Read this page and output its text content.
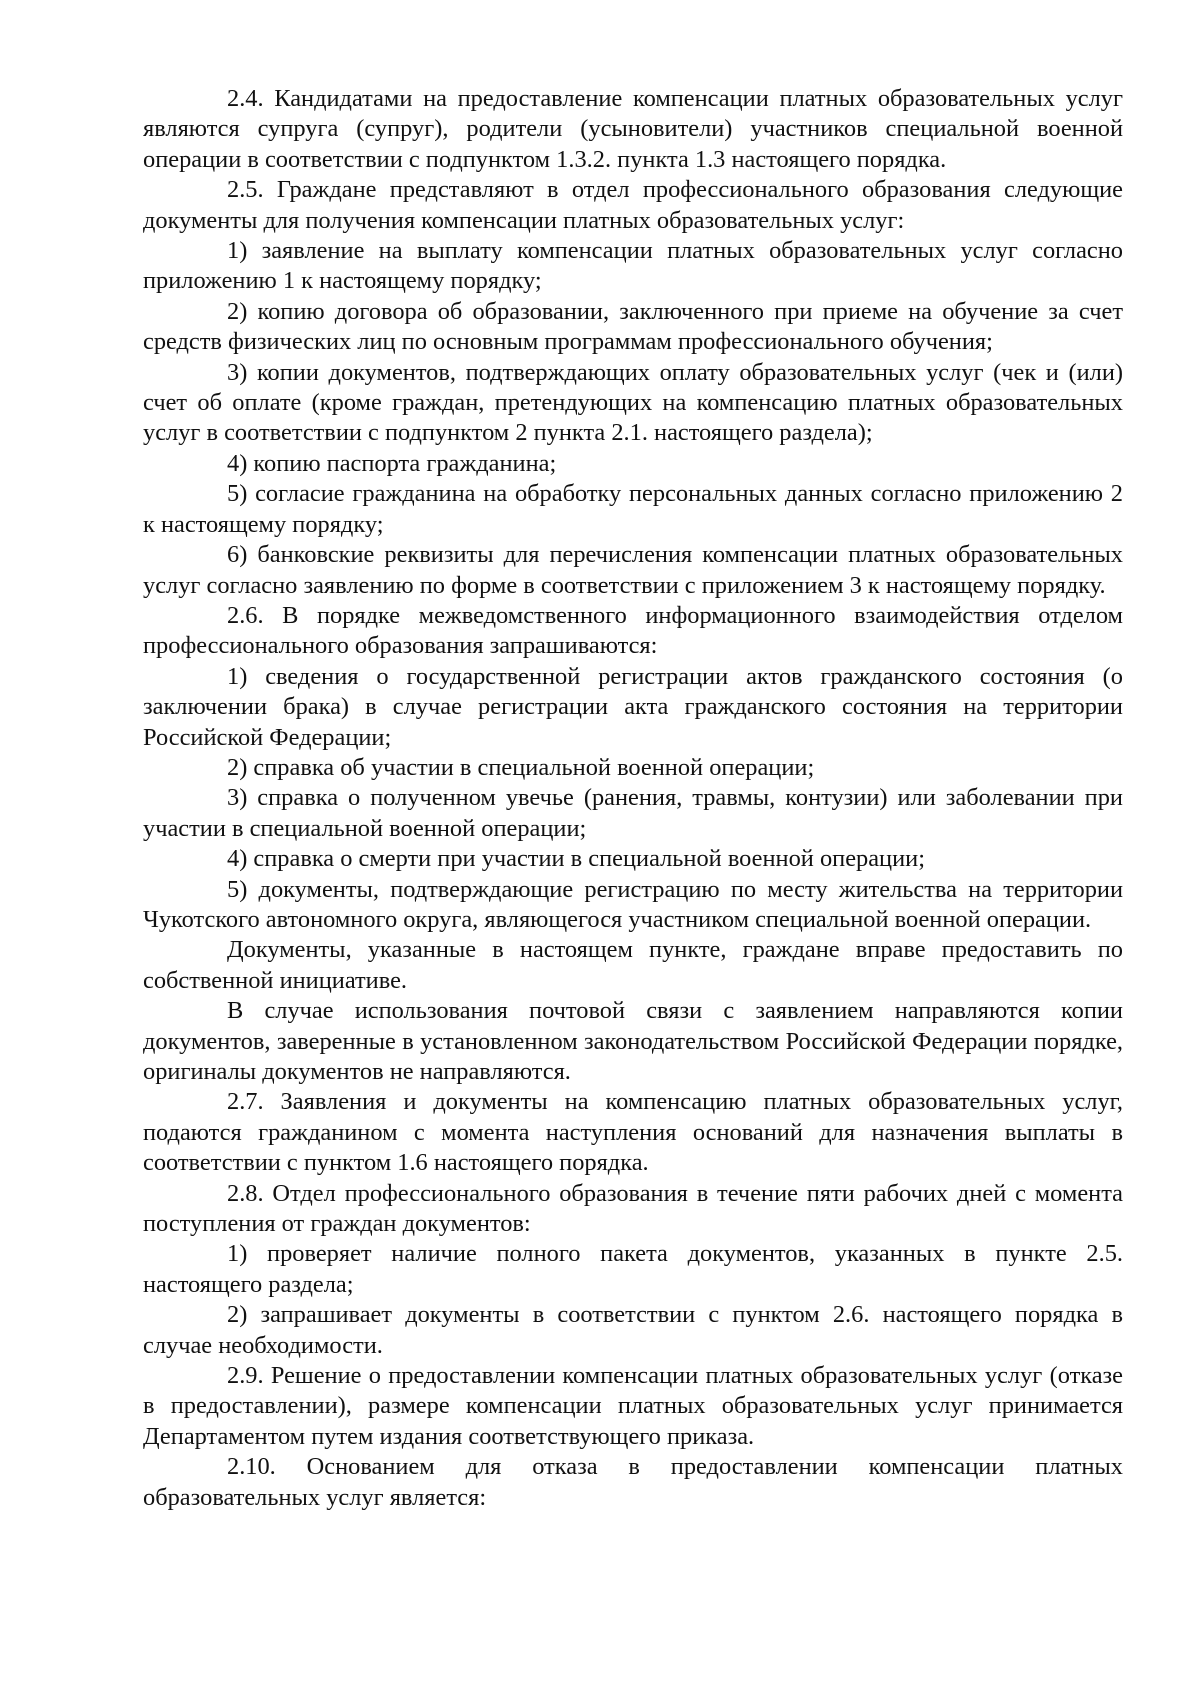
2.4. Кандидатами на предоставление компенсации платных образовательных услуг являются супруга (супруг), родители (усыновители) участников специальной военной операции в соответствии с подпунктом 1.3.2. пункта 1.3 настоящего порядка.

2.5. Граждане представляют в отдел профессионального образования следующие документы для получения компенсации платных образовательных услуг:

1) заявление на выплату компенсации платных образовательных услуг согласно приложению 1 к настоящему порядку;

2) копию договора об образовании, заключенного при приеме на обучение за счет средств физических лиц по основным программам профессионального обучения;

3) копии документов, подтверждающих оплату образовательных услуг (чек и (или) счет об оплате (кроме граждан, претендующих на компенсацию платных образовательных услуг в соответствии с подпунктом 2 пункта 2.1. настоящего раздела);

4) копию паспорта гражданина;

5) согласие гражданина на обработку персональных данных согласно приложению 2 к настоящему порядку;

6) банковские реквизиты для перечисления компенсации платных образовательных услуг согласно заявлению по форме в соответствии с приложением 3 к настоящему порядку.

2.6. В порядке межведомственного информационного взаимодействия отделом профессионального образования запрашиваются:

1) сведения о государственной регистрации актов гражданского состояния (о заключении брака) в случае регистрации акта гражданского состояния на территории Российской Федерации;

2) справка об участии в специальной военной операции;

3) справка о полученном увечье (ранения, травмы, контузии) или заболевании при участии в специальной военной операции;

4) справка о смерти при участии в специальной военной операции;

5) документы, подтверждающие регистрацию по месту жительства на территории Чукотского автономного округа, являющегося участником специальной военной операции.

Документы, указанные в настоящем пункте, граждане вправе предоставить по собственной инициативе.

В случае использования почтовой связи с заявлением направляются копии документов, заверенные в установленном законодательством Российской Федерации порядке, оригиналы документов не направляются.

2.7. Заявления и документы на компенсацию платных образовательных услуг, подаются гражданином с момента наступления оснований для назначения выплаты в соответствии с пунктом 1.6 настоящего порядка.

2.8. Отдел профессионального образования в течение пяти рабочих дней с момента поступления от граждан документов:

1) проверяет наличие полного пакета документов, указанных в пункте 2.5. настоящего раздела;

2) запрашивает документы в соответствии с пунктом 2.6. настоящего порядка в случае необходимости.

2.9. Решение о предоставлении компенсации платных образовательных услуг (отказе в предоставлении), размере компенсации платных образовательных услуг принимается Департаментом путем издания соответствующего приказа.

2.10. Основанием для отказа в предоставлении компенсации платных образовательных услуг является:
